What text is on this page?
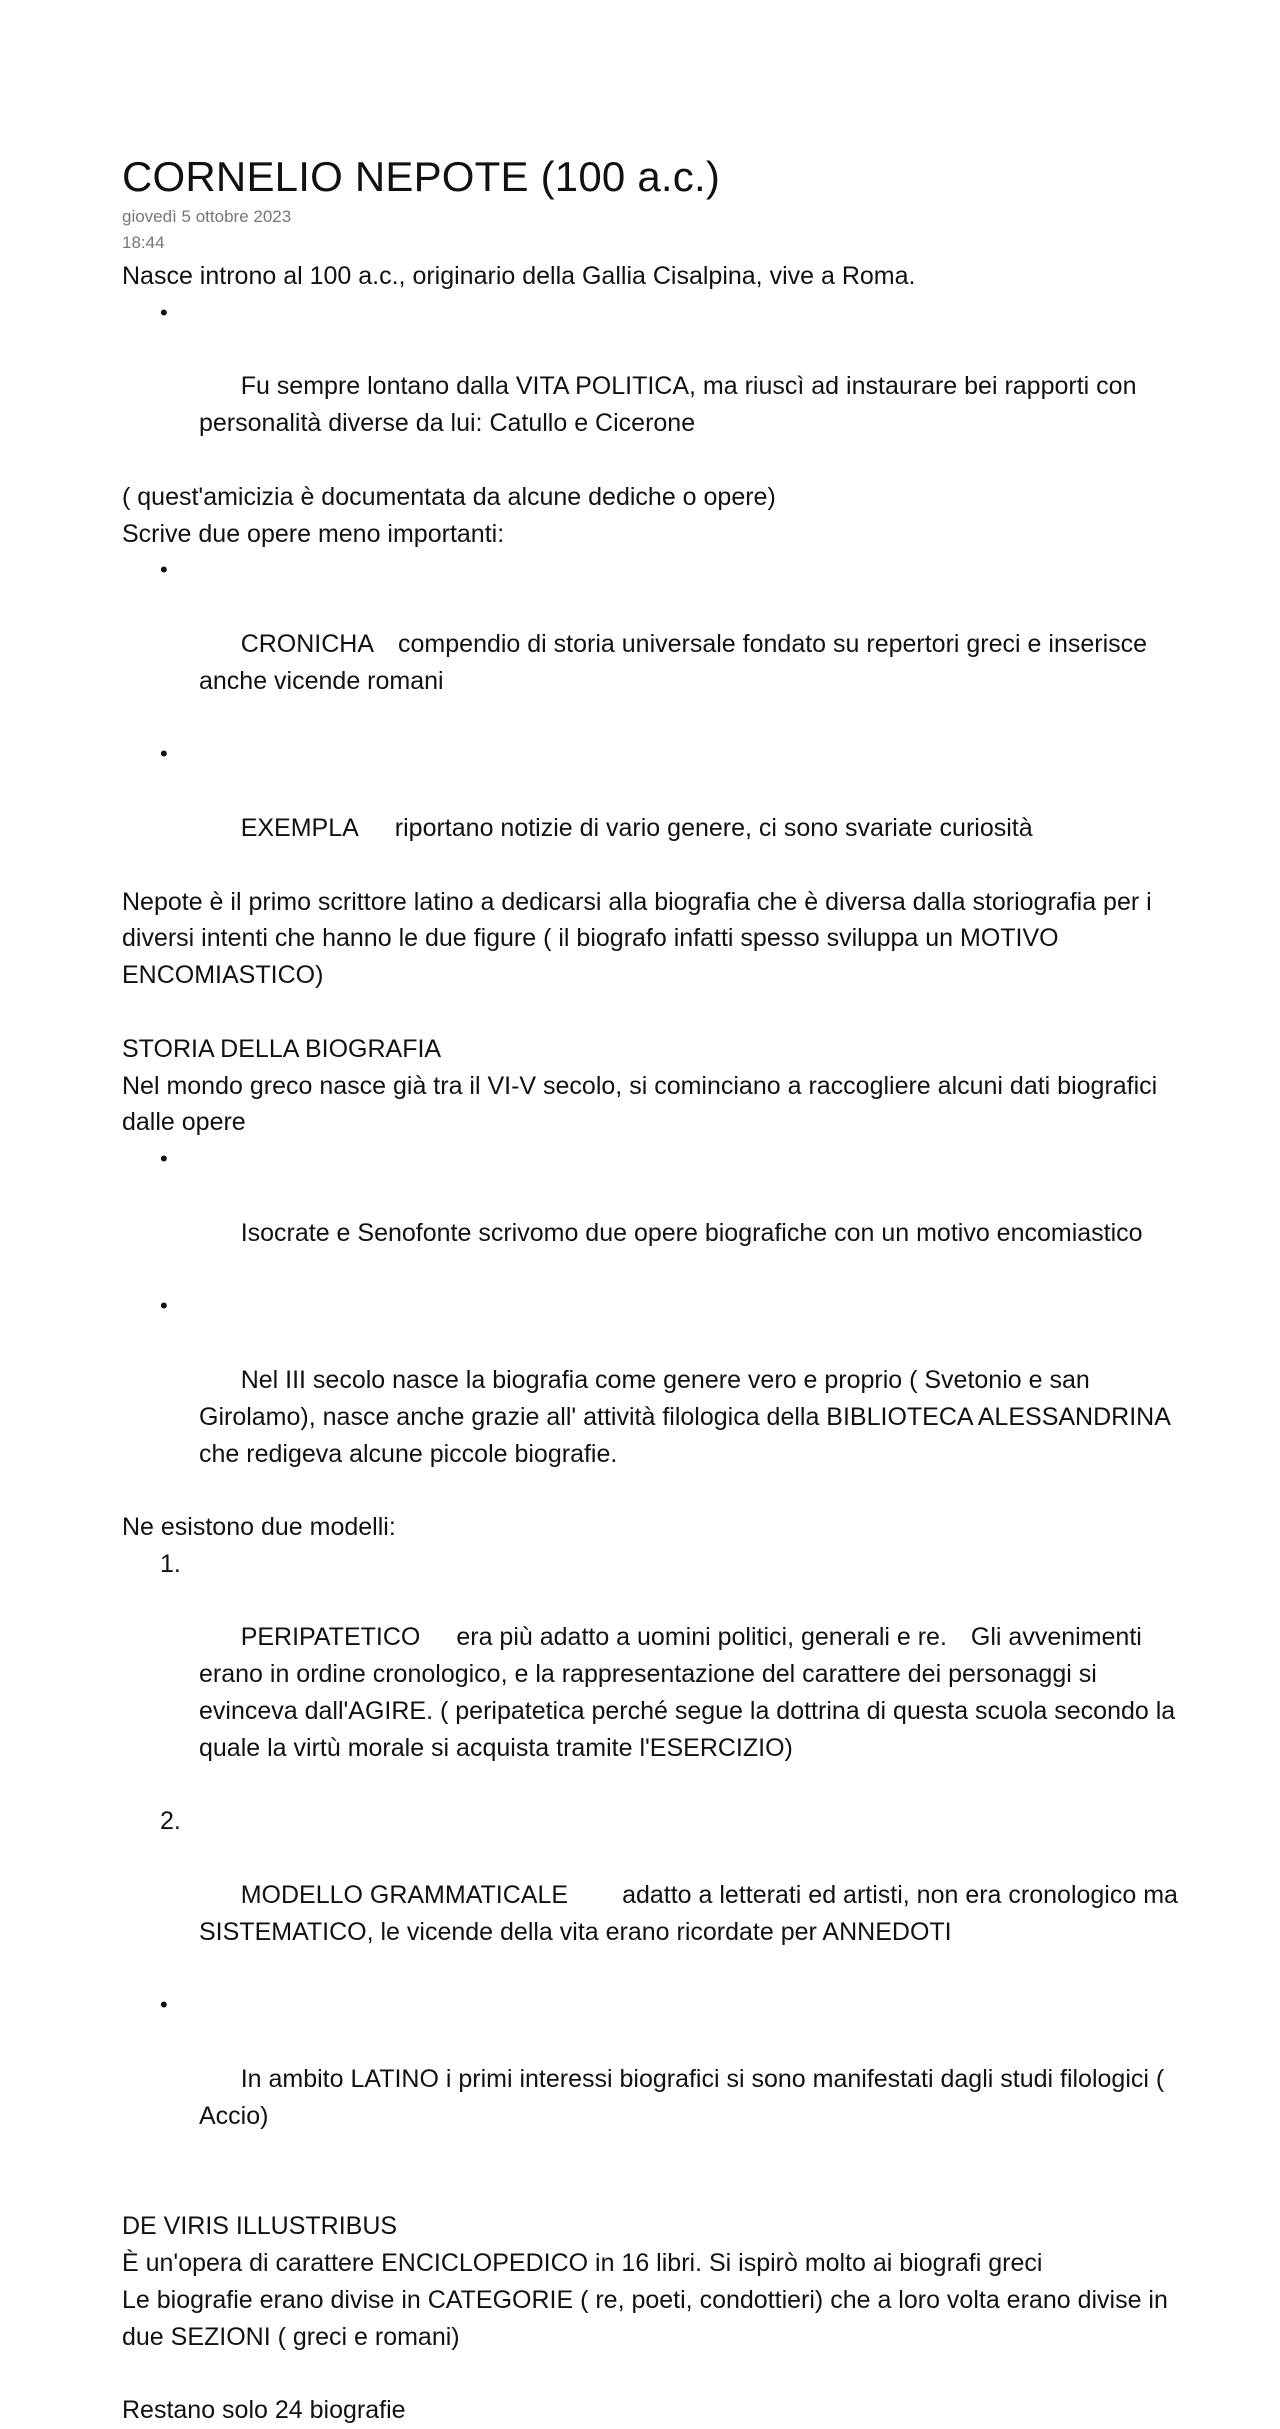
CORNELIO NEPOTE (100 a.c.)

giovedì 5 ottobre 2023

18:44

Nasce introno al 100 a.c., originario della Gallia Cisalpina, vive a Roma.

•

Fu sempre lontano dalla VITA POLITICA, ma riuscì ad instaurare bei rapporti con personalità diverse da lui: Catullo e Cicerone

( quest'amicizia è documentata da alcune dediche o opere)

Scrive due opere meno importanti:

•

CRONICHA compendio di storia universale fondato su repertori greci e inserisce anche vicende romani

•

EXEMPLA riportano notizie di vario genere, ci sono svariate curiosità

Nepote è il primo scrittore latino a dedicarsi alla biografia che è diversa dalla storiografia per i diversi intenti che hanno le due figure ( il biografo infatti spesso sviluppa un MOTIVO ENCOMIASTICO)

STORIA DELLA BIOGRAFIA

Nel mondo greco nasce già tra il VI-V secolo, si cominciano a raccogliere alcuni dati biografici dalle opere

•

Isocrate e Senofonte scrivomo due opere biografiche con un motivo encomiastico

•

Nel III secolo nasce la biografia come genere vero e proprio ( Svetonio e san Girolamo), nasce anche grazie all' attività filologica della BIBLIOTECA ALESSANDRINA che redigeva alcune piccole biografie.

Ne esistono due modelli:

1.

PERIPATETICO era più adatto a uomini politici, generali e re. Gli avvenimenti erano in ordine cronologico, e la rappresentazione del carattere dei personaggi si evinceva dall'AGIRE. ( peripatetica perché segue la dottrina di questa scuola secondo la quale la virtù morale si acquista tramite l'ESERCIZIO)

2.

MODELLO GRAMMATICALE adatto a letterati ed artisti, non era cronologico ma SISTEMATICO, le vicende della vita erano ricordate per ANNEDOTI

•

In ambito LATINO i primi interessi biografici si sono manifestati dagli studi filologici ( Accio)

DE VIRIS ILLUSTRIBUS

È un'opera di carattere ENCICLOPEDICO in 16 libri. Si ispirò molto ai biografi greci

Le biografie erano divise in CATEGORIE ( re, poeti, condottieri) che a loro volta erano divise in due SEZIONI ( greci e romani)

Restano solo 24 biografie
